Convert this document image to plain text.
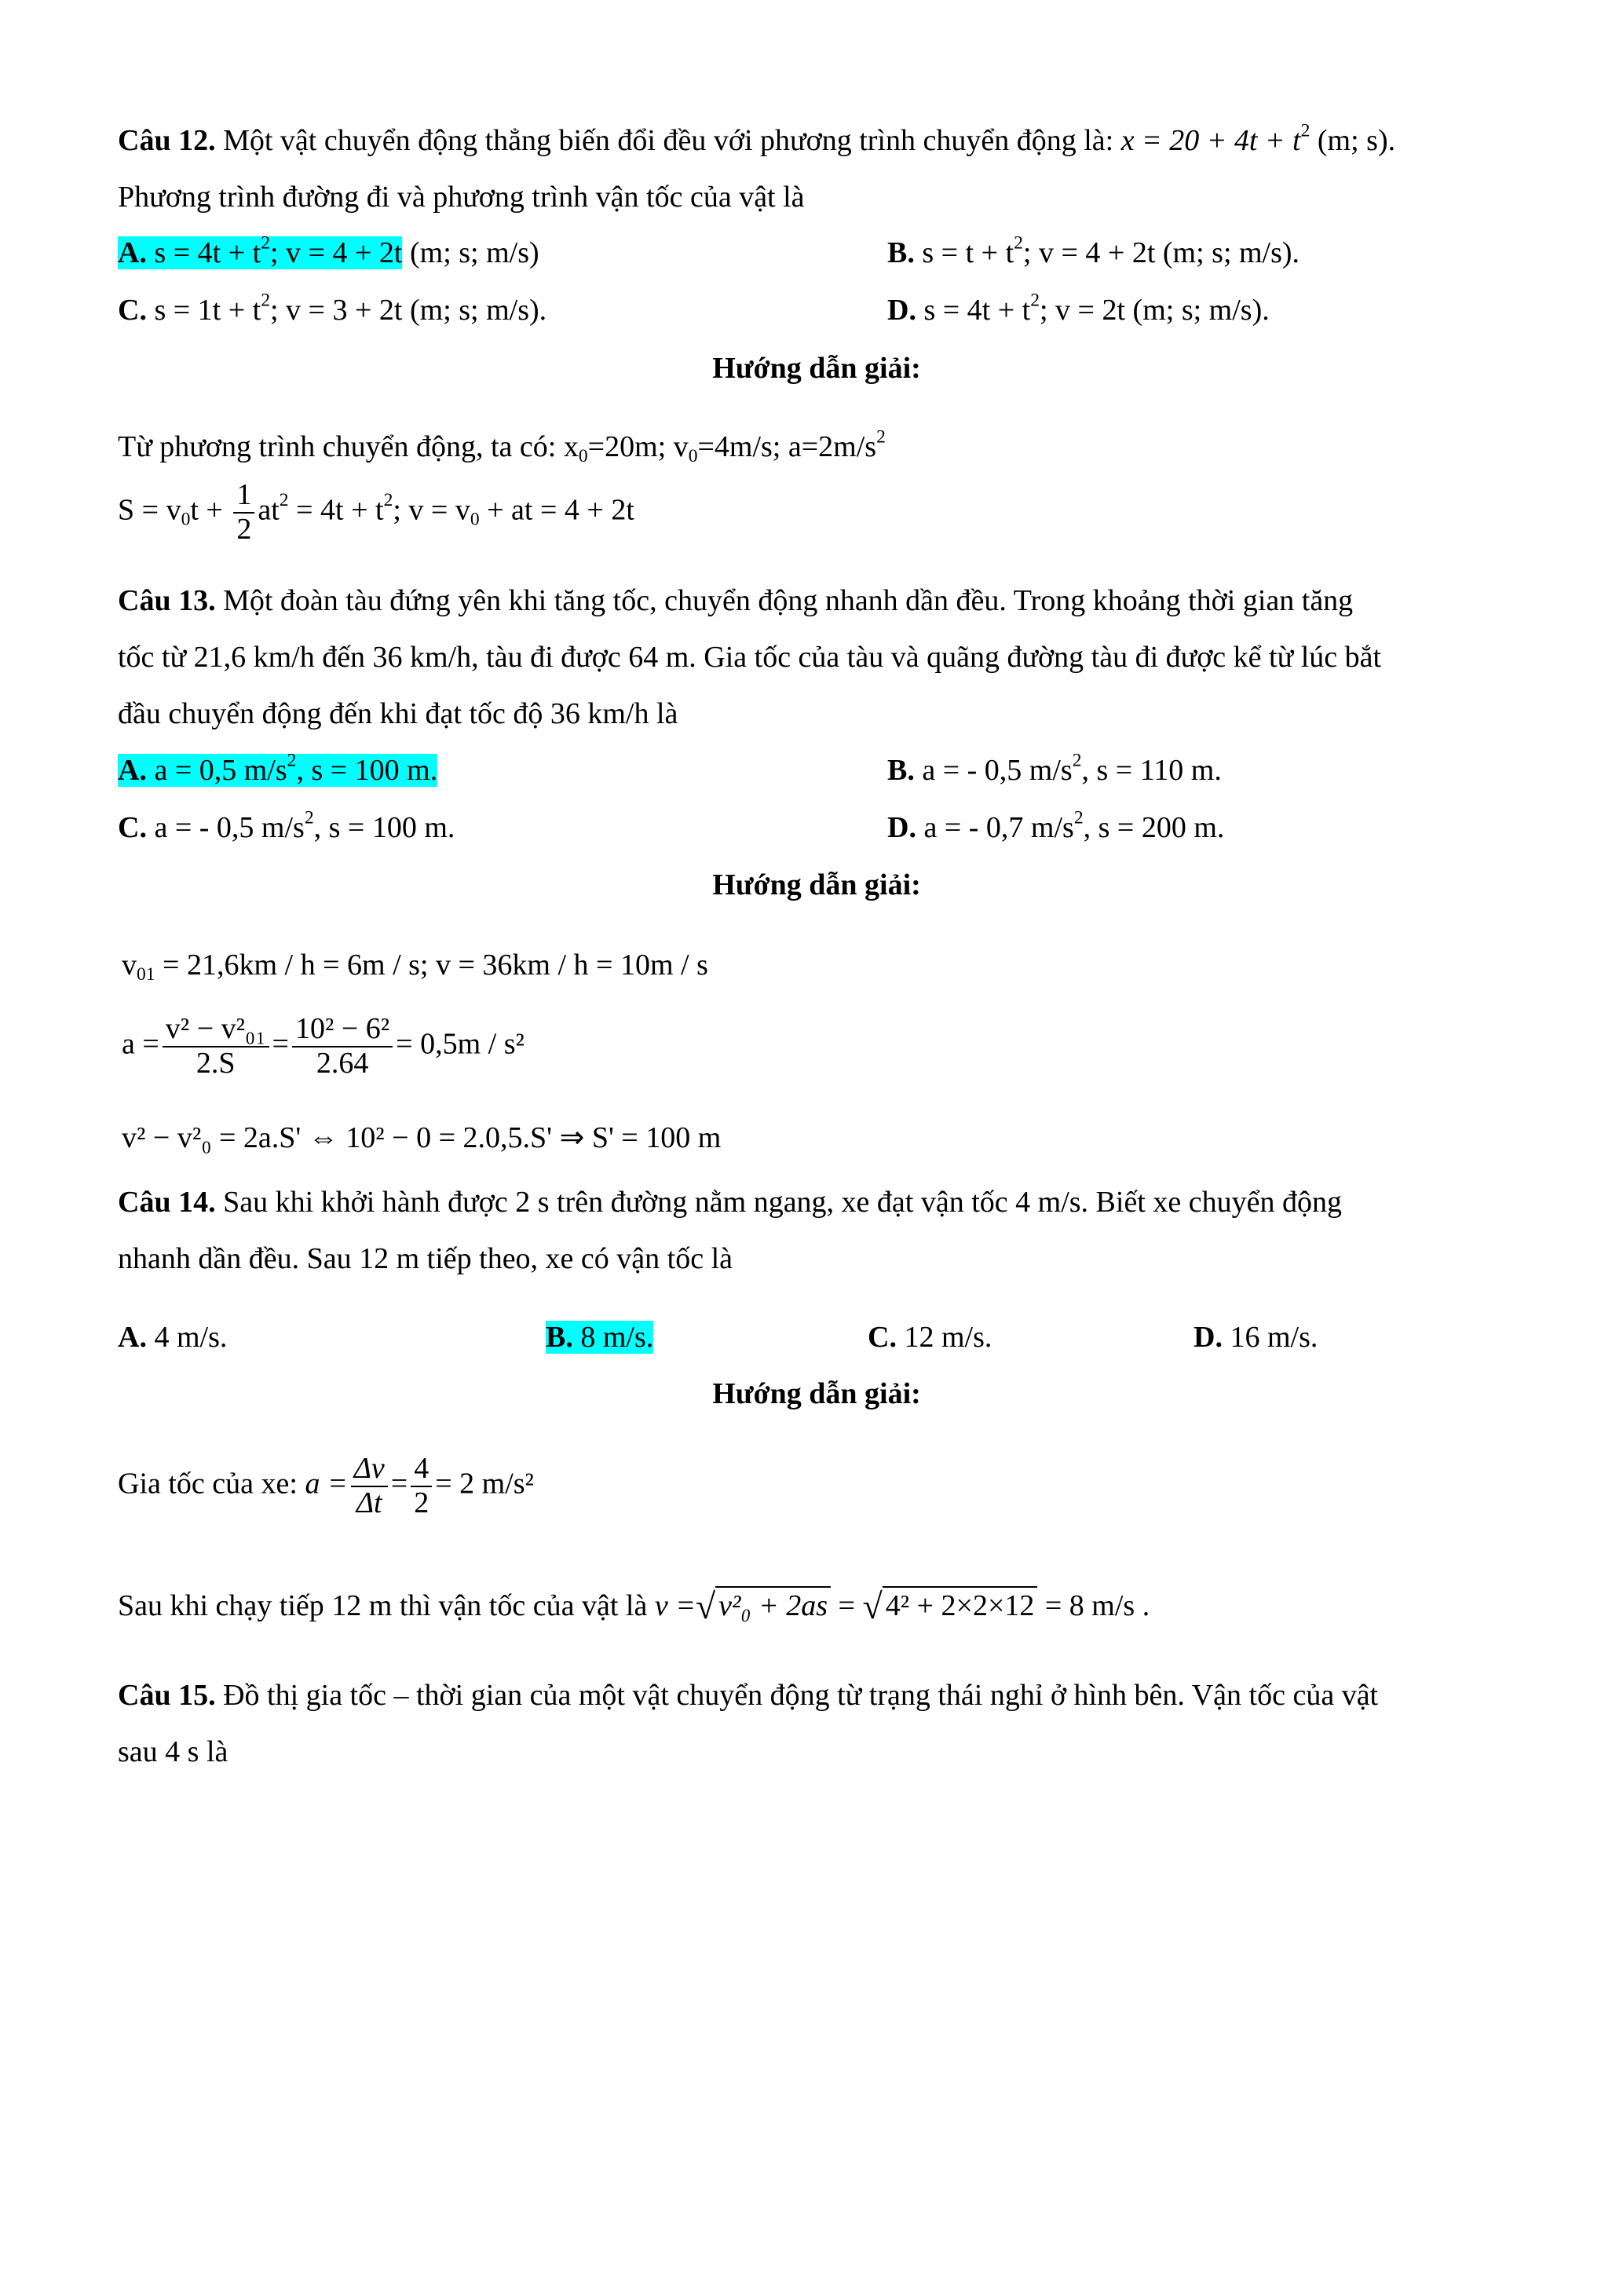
Câu 12. Một vật chuyển động thẳng biến đổi đều với phương trình chuyển động là: $x = 20 + 4t + t^2$ (m; s).
Phương trình đường đi và phương trình vận tốc của vật là
A. $s = 4t + t^2$; v = 4 + 2t (m; s; m/s)	B. $s = t + t^2$; v = 4 + 2t (m; s; m/s).
C. $s = 1t + t^2$; v = 3 + 2t (m; s; m/s).	D. $s = 4t + t^2$; v = 2t (m; s; m/s).
Hướng dẫn giải:
Từ phương trình chuyển động, ta có: $x_0=20m$; $v_0=4m/s$; $a=2m/s^2$
$S = v_0t + \frac{1}{2} at^2 = 4t + t^2$; $v = v_0$ + at = 4 + 2t
Câu 13. Một đoàn tàu đứng yên khi tăng tốc, chuyển động nhanh dần đều. Trong khoảng thời gian tăng
tốc từ 21,6 km/h đến 36 km/h, tàu đi được 64 m. Gia tốc của tàu và quãng đường tàu đi được kể từ lúc bắt
đầu chuyển động đến khi đạt tốc độ 36 km/h là
A. a = 0,5 $m/s^2$, s = 100 m.	B. a = - 0,5 $m/s^2$, s = 110 m.
C. a = - 0,5 $m/s^2$, s = 100 m.	D. a = - 0,7 $m/s^2$, s = 200 m.
Hướng dẫn giải:
$v_{01} = 21,6km / h = 6m / s$; v = 36km / h = 10m / s
$a = \frac{\text{v² − v²₀₁}}{2.S} = \frac{\text{10² − 6²}}{2.64} = 0,5m / s^2$
v² − v²₀ = 2a.S' ⇔ 10² − 0 = 2.0,5.S' ⇒ S' = 100 m
Câu 14. Sau khi khởi hành được 2 s trên đường nằm ngang, xe đạt vận tốc 4 m/s. Biết xe chuyển động
nhanh dần đều. Sau 12 m tiếp theo, xe có vận tốc là
A. 4 m/s.	B. 8 m/s.	C. 12 m/s.	D. 16 m/s.
Hướng dẫn giải:
Gia tốc của xe: $a = \frac{\Delta v}{\Delta t} = \frac{4}{2} = 2$ m/s²
Sau khi chạy tiếp 12 m thì vận tốc của vật là v =√ v²₀ + 2as = √ 4² + 2×2×12 = 8 m/s .
Câu 15. Đồ thị gia tốc – thời gian của một vật chuyển động từ trạng thái nghỉ ở hình bên. Vận tốc của vật
sau 4 s là
